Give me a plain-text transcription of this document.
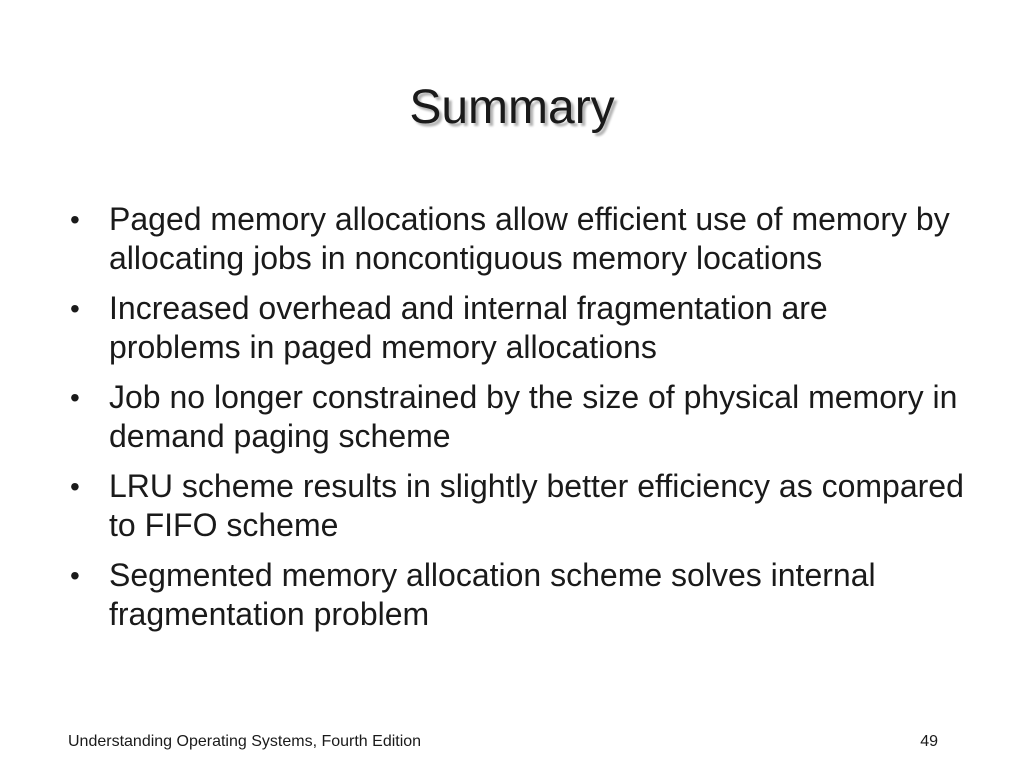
Summary
• Paged memory allocations allow efficient use of memory by allocating jobs in noncontiguous memory locations
• Increased overhead and internal fragmentation are problems in paged memory allocations
• Job no longer constrained by the size of physical memory in demand paging scheme
• LRU scheme results in slightly better efficiency as compared to FIFO scheme
• Segmented memory allocation scheme solves internal fragmentation problem
Understanding Operating Systems, Fourth Edition	49
